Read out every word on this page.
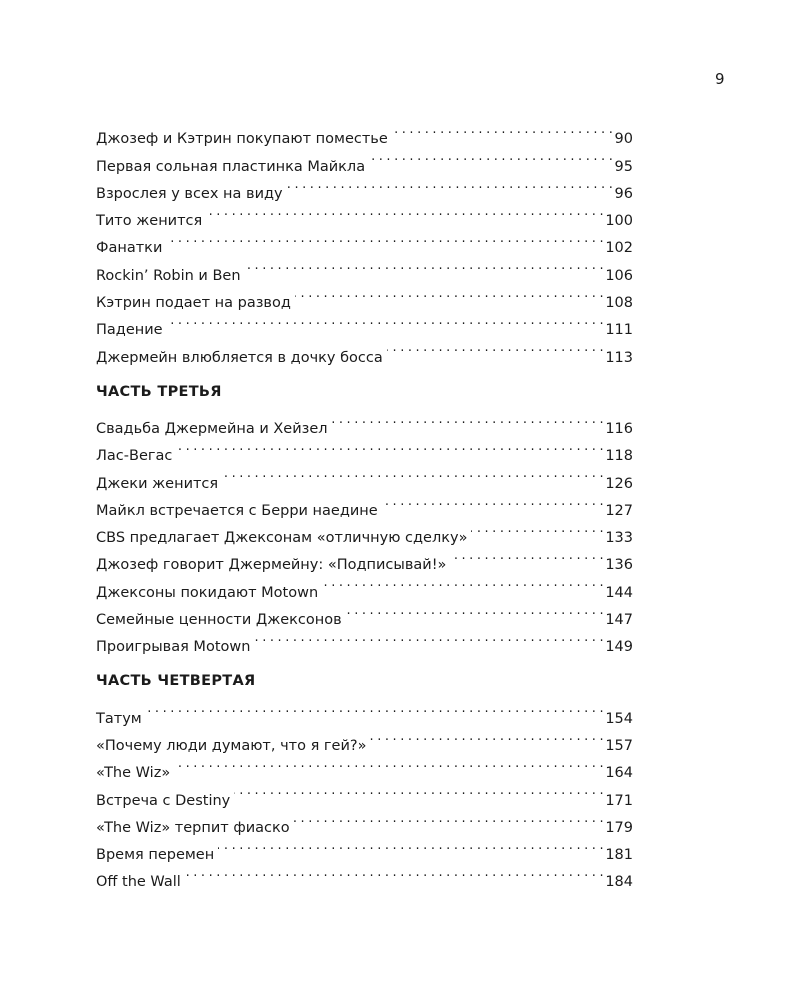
9
Джозеф и Кэтрин покупают поместье . . .	90
Первая сольная пластинка Майкла . . .	95
Взрослея у всех на виду . . .	96
Тито женится . . .	100
Фанатки . . .	102
Rockin’ Robin и Ben . . .	106
Кэтрин подает на развод . . .	108
Падение . . .	111
Джермейн влюбляется в дочку босса . . .	113
ЧАСТЬ ТРЕТЬЯ
Свадьба Джермейна и Хейзел . . .	116
Лас-Вегас . . .	118
Джеки женится . . .	126
Майкл встречается с Берри наедине . . .	127
CBS предлагает Джексонам «отличную сделку» . . .	133
Джозеф говорит Джермейну: «Подписывай!» . . .	136
Джексоны покидают Motown . . .	144
Семейные ценности Джексонов . . .	147
Проигрывая Motown . . .	149
ЧАСТЬ ЧЕТВЕРТАЯ
Татум . . .	154
«Почему люди думают, что я гей?» . . .	157
«The Wiz» . . .	164
Встреча с Destiny . . .	171
«The Wiz» терпит фиаско . . .	179
Время перемен . . .	181
Off the Wall . . .	184
